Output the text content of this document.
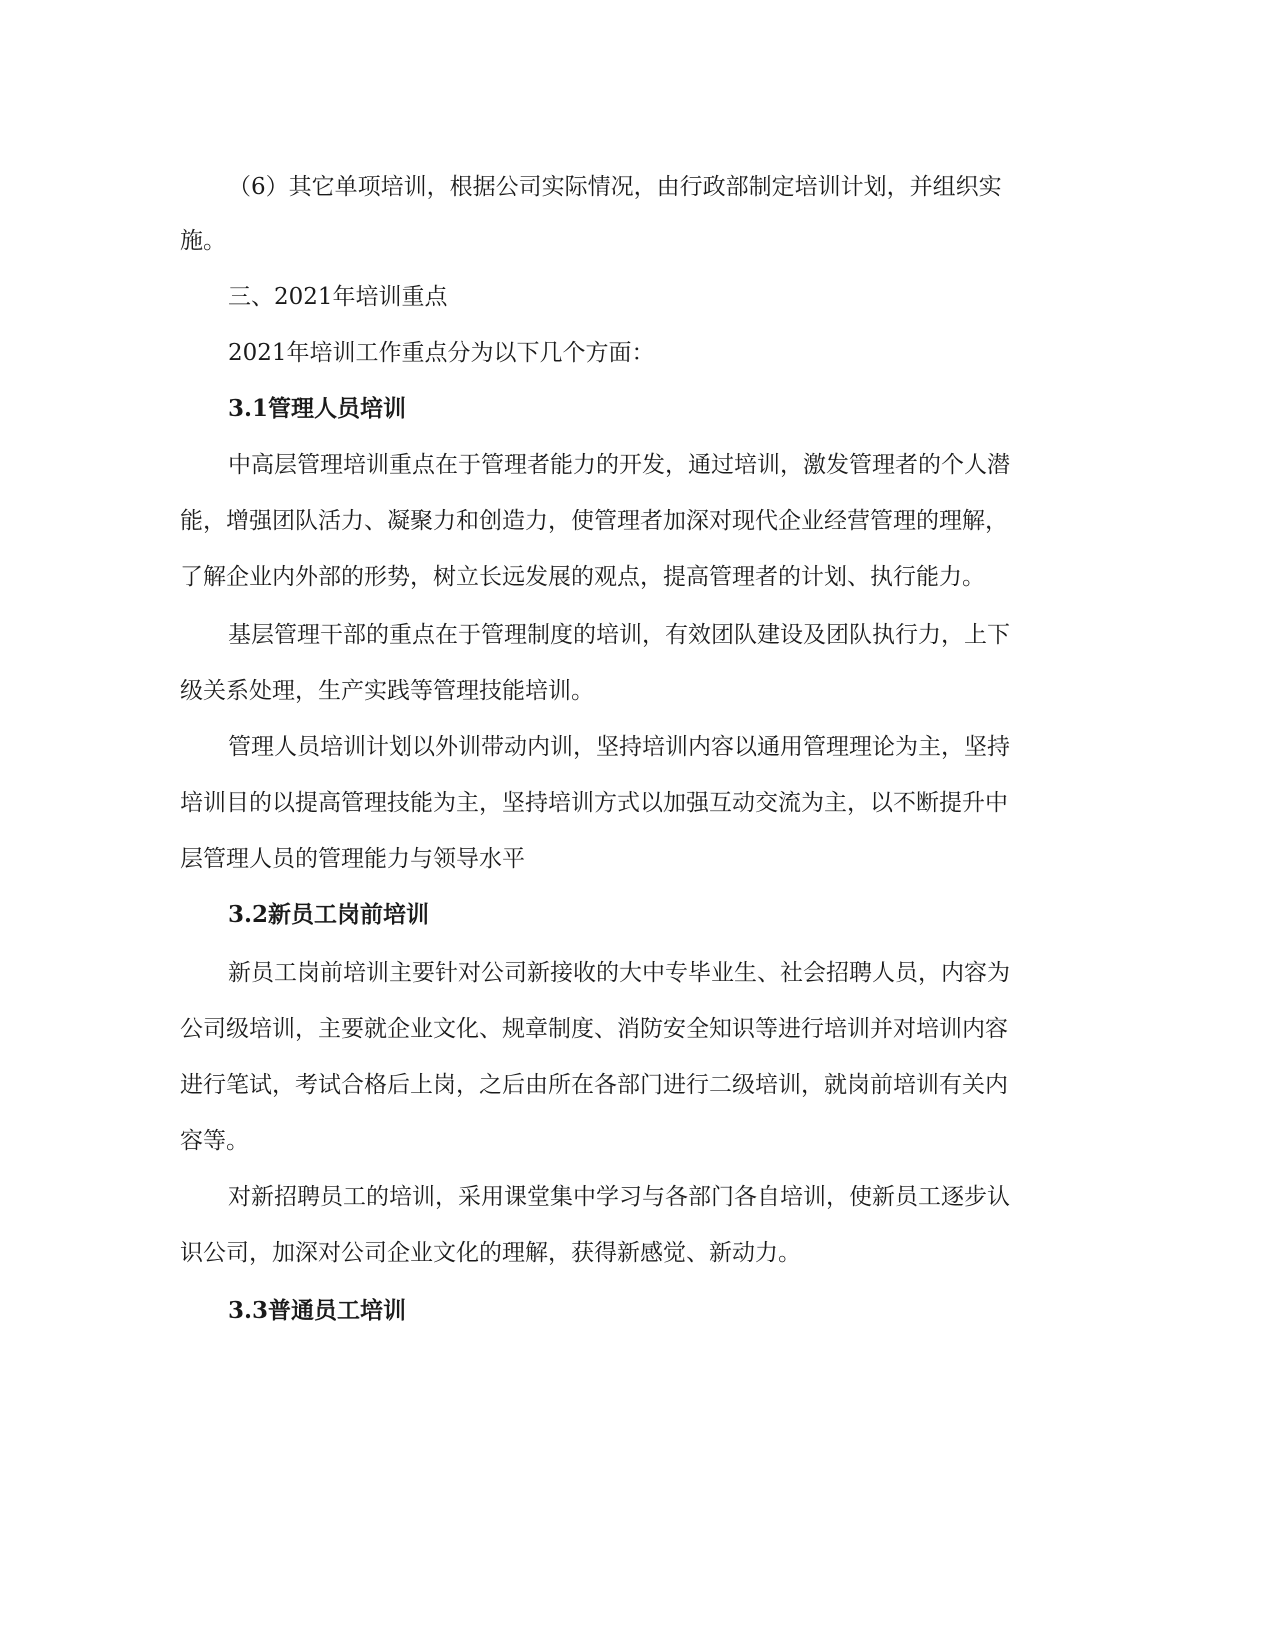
（6）其它单项培训，根据公司实际情况，由行政部制定培训计划，并组织实
施。
三、2021年培训重点
2021年培训工作重点分为以下几个方面：
3.1管理人员培训
中高层管理培训重点在于管理者能力的开发，通过培训，激发管理者的个人潜
能，增强团队活力、凝聚力和创造力，使管理者加深对现代企业经营管理的理解，
了解企业内外部的形势，树立长远发展的观点，提高管理者的计划、执行能力。
基层管理干部的重点在于管理制度的培训，有效团队建设及团队执行力，上下
级关系处理，生产实践等管理技能培训。
管理人员培训计划以外训带动内训，坚持培训内容以通用管理理论为主，坚持
培训目的以提高管理技能为主，坚持培训方式以加强互动交流为主，以不断提升中
层管理人员的管理能力与领导水平
3.2新员工岗前培训
新员工岗前培训主要针对公司新接收的大中专毕业生、社会招聘人员，内容为
公司级培训，主要就企业文化、规章制度、消防安全知识等进行培训并对培训内容
进行笔试，考试合格后上岗，之后由所在各部门进行二级培训，就岗前培训有关内
容等。
对新招聘员工的培训，采用课堂集中学习与各部门各自培训，使新员工逐步认
识公司，加深对公司企业文化的理解，获得新感觉、新动力。
3.3普通员工培训
